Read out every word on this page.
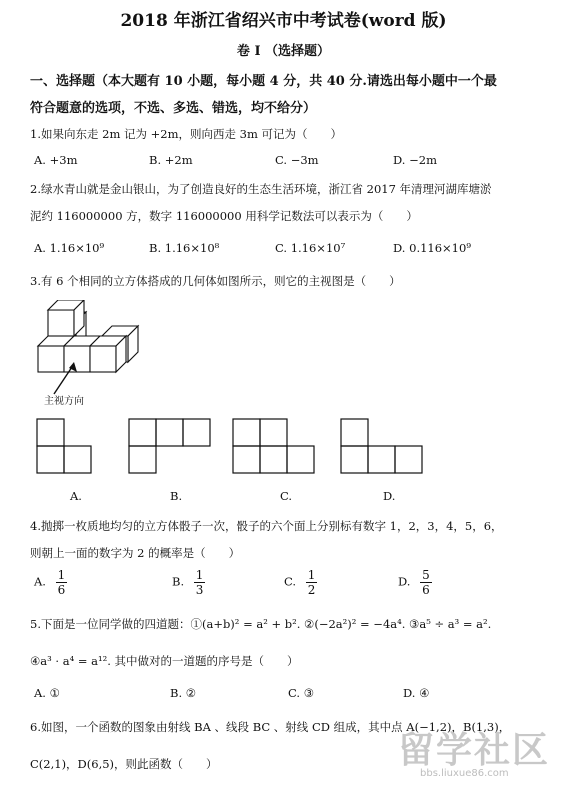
2018 年浙江省绍兴市中考试卷(word 版)
卷 I （选择题）
一、选择题（本大题有 10 小题，每小题 4 分，共 40 分.请选出每小题中一个最
符合题意的选项，不选、多选、错选，均不给分）
1.如果向东走 2m 记为 +2m，则向西走 3m 可记为（　　）
A. +3m	B. +2m	C. −3m	D. −2m
2.绿水青山就是金山银山，为了创造良好的生态生活环境，浙江省 2017 年清理河湖库塘淤
泥约 116000000 方，数字 116000000 用科学记数法可以表示为（　　）
A. 1.16×10⁹	B. 1.16×10⁸	C. 1.16×10⁷	D. 0.116×10⁹
3.有 6 个相同的立方体搭成的几何体如图所示，则它的主视图是（　　）
主视方向
A.	B.	C.	D.
4.抛掷一枚质地均匀的立方体骰子一次，骰子的六个面上分别标有数字 1，2，3，4，5，6，
则朝上一面的数字为 2 的概率是（　　）
A. $\frac{1}{6}$	B. $\frac{1}{3}$	C. $\frac{1}{2}$	D. $\frac{5}{6}$
5.下面是一位同学做的四道题：①(a+b)² = a² + b². ②(−2a²)² = −4a⁴. ③a⁵ ÷ a³ = a².
④a³ · a⁴ = a¹². 其中做对的一道题的序号是（　　）
A. ①	B. ②	C. ③	D. ④
6.如图，一个函数的图象由射线 BA 、线段 BC 、射线 CD 组成，其中点 A(−1,2)，B(1,3)，
C(2,1)，D(6,5)，则此函数（　　）	留学社区
bbs.liuxue86.com
